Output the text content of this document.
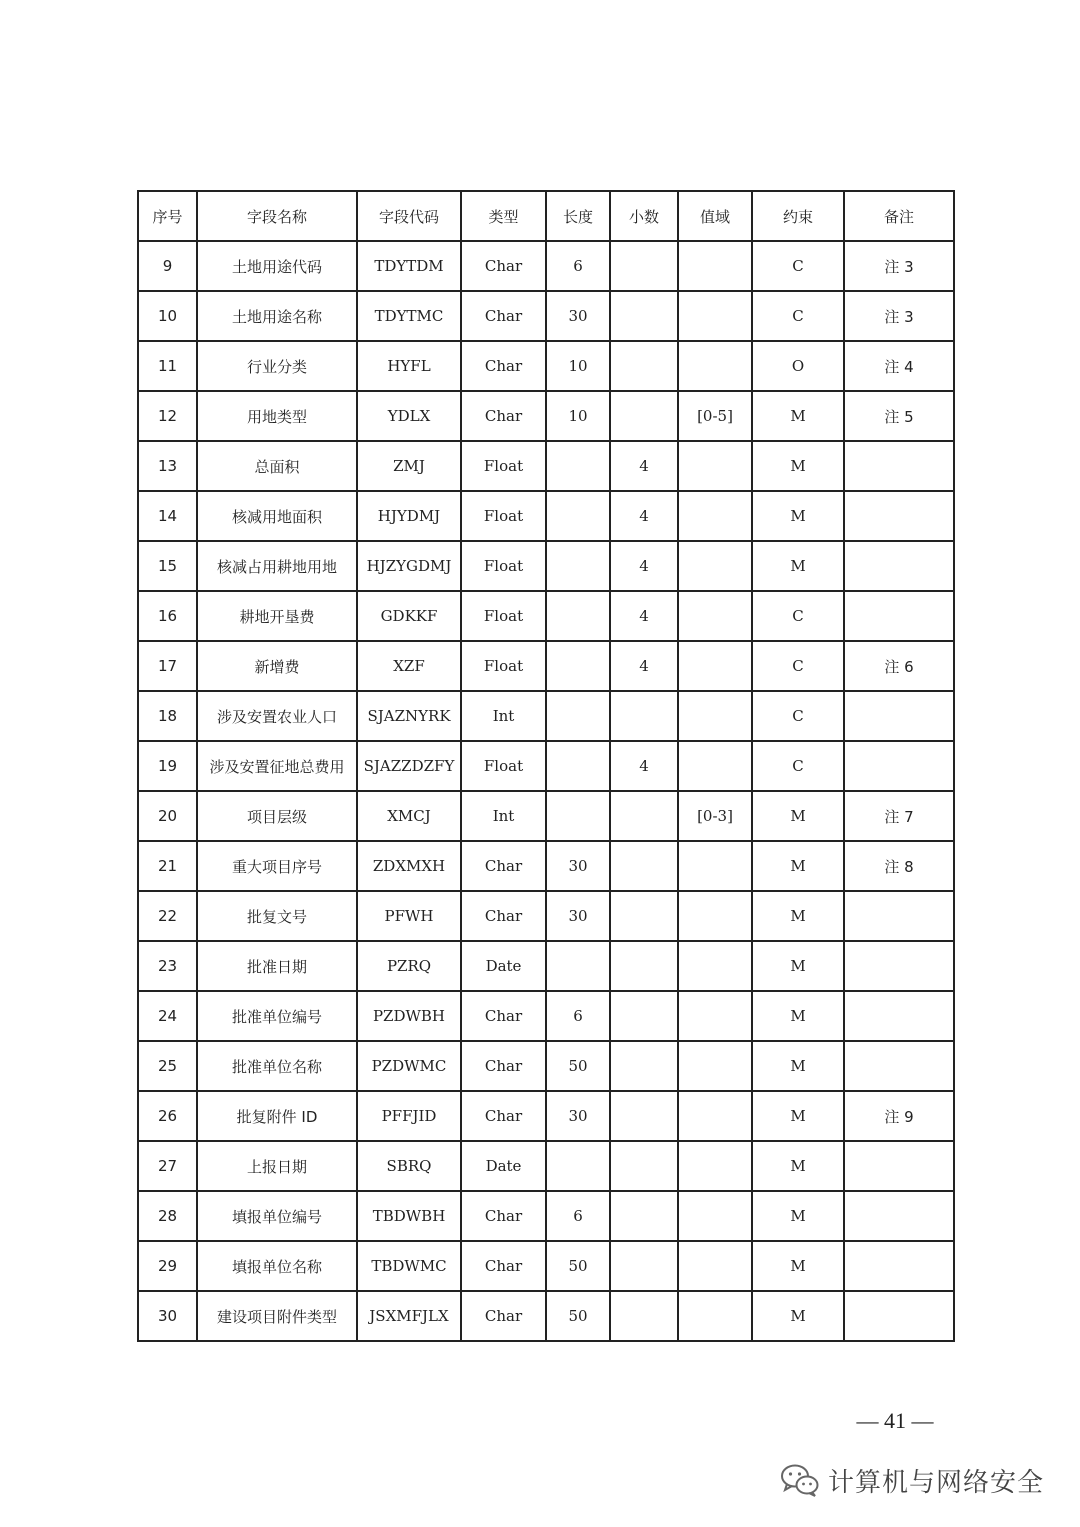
序号	字段名称	字段代码	类型	长度	小数	值域	约束	备注
9	土地用途代码	TDYTDM	Char	6			C	注 3
10	土地用途名称	TDYTMC	Char	30			C	注 3
11	行业分类	HYFL	Char	10			O	注 4
12	用地类型	YDLX	Char	10		[0-5]	M	注 5
13	总面积	ZMJ	Float		4		M	
14	核减用地面积	HJYDMJ	Float		4		M	
15	核减占用耕地用地	HJZYGDMJ	Float		4		M	
16	耕地开垦费	GDKKF	Float		4		C	
17	新增费	XZF	Float		4		C	注 6
18	涉及安置农业人口	SJAZNYRK	Int				C	
19	涉及安置征地总费用	SJAZZDZFY	Float		4		C	
20	项目层级	XMCJ	Int			[0-3]	M	注 7
21	重大项目序号	ZDXMXH	Char	30			M	注 8
22	批复文号	PFWH	Char	30			M	
23	批准日期	PZRQ	Date				M	
24	批准单位编号	PZDWBH	Char	6			M	
25	批准单位名称	PZDWMC	Char	50			M	
26	批复附件 ID	PFFJID	Char	30			M	注 9
27	上报日期	SBRQ	Date				M	
28	填报单位编号	TBDWBH	Char	6			M	
29	填报单位名称	TBDWMC	Char	50			M	
30	建设项目附件类型	JSXMFJLX	Char	50			M	
— 41 —
计算机与网络安全
